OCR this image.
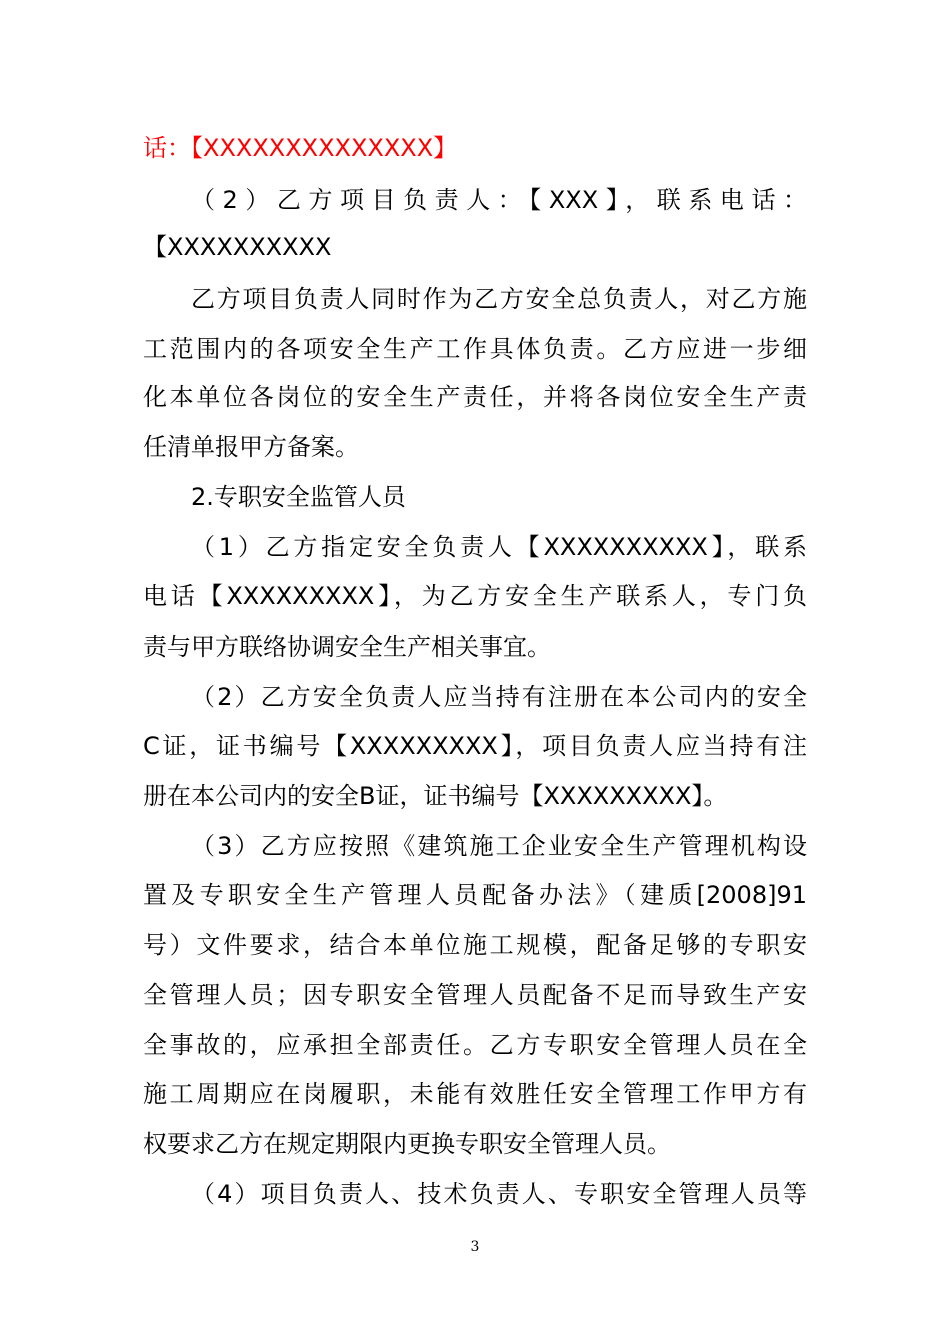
话：【XXXXXXXXXXXXXX】
（2）乙方项目负责人：【XXX】，联系电话：
【XXXXXXXXXX
乙方项目负责人同时作为乙方安全总负责人，对乙方施
工范围内的各项安全生产工作具体负责。乙方应进一步细
化本单位各岗位的安全生产责任，并将各岗位安全生产责
任清单报甲方备案。
2.专职安全监管人员
（1）乙方指定安全负责人【XXXXXXXXXX】，联系
电话【XXXXXXXXX】，为乙方安全生产联系人，专门负
责与甲方联络协调安全生产相关事宜。
（2）乙方安全负责人应当持有注册在本公司内的安全
C证，证书编号【XXXXXXXXX】，项目负责人应当持有注
册在本公司内的安全B证，证书编号【XXXXXXXXX】。
（3）乙方应按照《建筑施工企业安全生产管理机构设
置及专职安全生产管理人员配备办法》（建质[2008]91
号）文件要求，结合本单位施工规模，配备足够的专职安
全管理人员；因专职安全管理人员配备不足而导致生产安
全事故的，应承担全部责任。乙方专职安全管理人员在全
施工周期应在岗履职，未能有效胜任安全管理工作甲方有
权要求乙方在规定期限内更换专职安全管理人员。
（4）项目负责人、技术负责人、专职安全管理人员等
3
